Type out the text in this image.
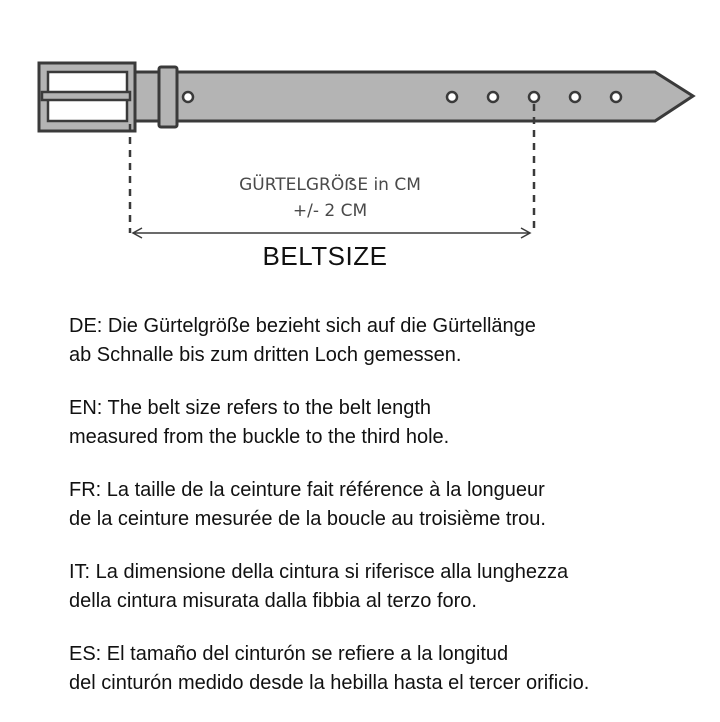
GÜRTELGRÖẞE in CM
+/- 2 CM
BELTSIZE

DE: Die Gürtelgröße bezieht sich auf die Gürtellänge
ab Schnalle bis zum dritten Loch gemessen.

EN: The belt size refers to the belt length
measured from the buckle to the third hole.

FR: La taille de la ceinture fait référence à la longueur
de la ceinture mesurée de la boucle au troisième trou.

IT: La dimensione della cintura si riferisce alla lunghezza
della cintura misurata dalla fibbia al terzo foro.

ES: El tamaño del cinturón se refiere a la longitud
del cinturón medido desde la hebilla hasta el tercer orificio.
